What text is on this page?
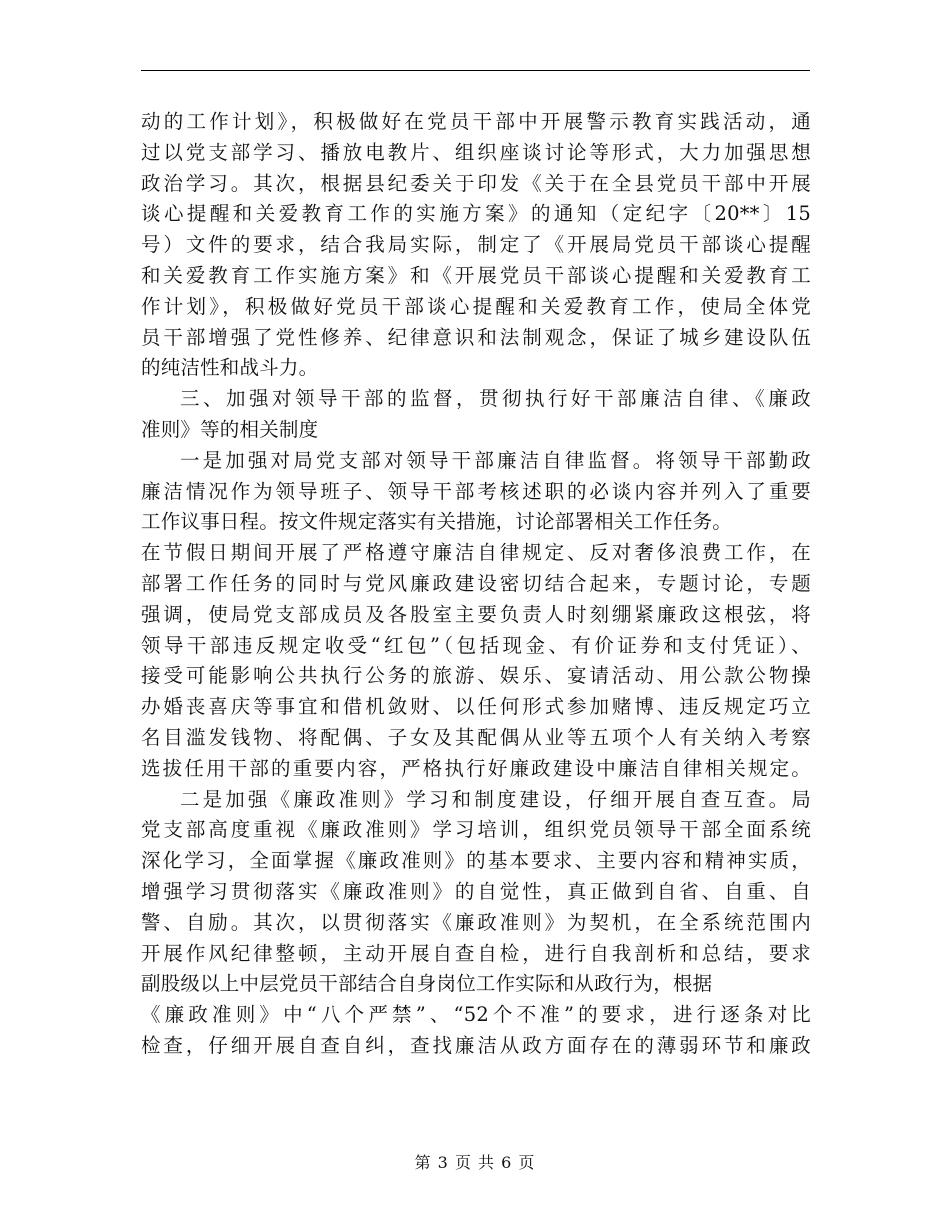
动的工作计划》，积极做好在党员干部中开展警示教育实践活动，通
过以党支部学习、播放电教片、组织座谈讨论等形式，大力加强思想
政治学习。其次，根据县纪委关于印发《关于在全县党员干部中开展
谈心提醒和关爱教育工作的实施方案》的通知（定纪字〔20**〕15
号）文件的要求，结合我局实际，制定了《开展局党员干部谈心提醒
和关爱教育工作实施方案》和《开展党员干部谈心提醒和关爱教育工
作计划》，积极做好党员干部谈心提醒和关爱教育工作，使局全体党
员干部增强了党性修养、纪律意识和法制观念，保证了城乡建设队伍
的纯洁性和战斗力。
三、加强对领导干部的监督，贯彻执行好干部廉洁自律、《廉政
准则》等的相关制度
一是加强对局党支部对领导干部廉洁自律监督。将领导干部勤政
廉洁情况作为领导班子、领导干部考核述职的必谈内容并列入了重要
工作议事日程。按文件规定落实有关措施，讨论部署相关工作任务。
在节假日期间开展了严格遵守廉洁自律规定、反对奢侈浪费工作，在
部署工作任务的同时与党风廉政建设密切结合起来，专题讨论，专题
强调，使局党支部成员及各股室主要负责人时刻绷紧廉政这根弦，将
领导干部违反规定收受“红包”（包括现金、有价证券和支付凭证）、
接受可能影响公共执行公务的旅游、娱乐、宴请活动、用公款公物操
办婚丧喜庆等事宜和借机敛财、以任何形式参加赌博、违反规定巧立
名目滥发钱物、将配偶、子女及其配偶从业等五项个人有关纳入考察
选拔任用干部的重要内容，严格执行好廉政建设中廉洁自律相关规定。
二是加强《廉政准则》学习和制度建设，仔细开展自查互查。局
党支部高度重视《廉政准则》学习培训，组织党员领导干部全面系统
深化学习，全面掌握《廉政准则》的基本要求、主要内容和精神实质，
增强学习贯彻落实《廉政准则》的自觉性，真正做到自省、自重、自
警、自励。其次，以贯彻落实《廉政准则》为契机，在全系统范围内
开展作风纪律整顿，主动开展自查自检，进行自我剖析和总结，要求
副股级以上中层党员干部结合自身岗位工作实际和从政行为，根据
《廉政准则》中“八个严禁”、“52个不准”的要求，进行逐条对比
检查，仔细开展自查自纠，查找廉洁从政方面存在的薄弱环节和廉政
第 3 页 共 6 页
